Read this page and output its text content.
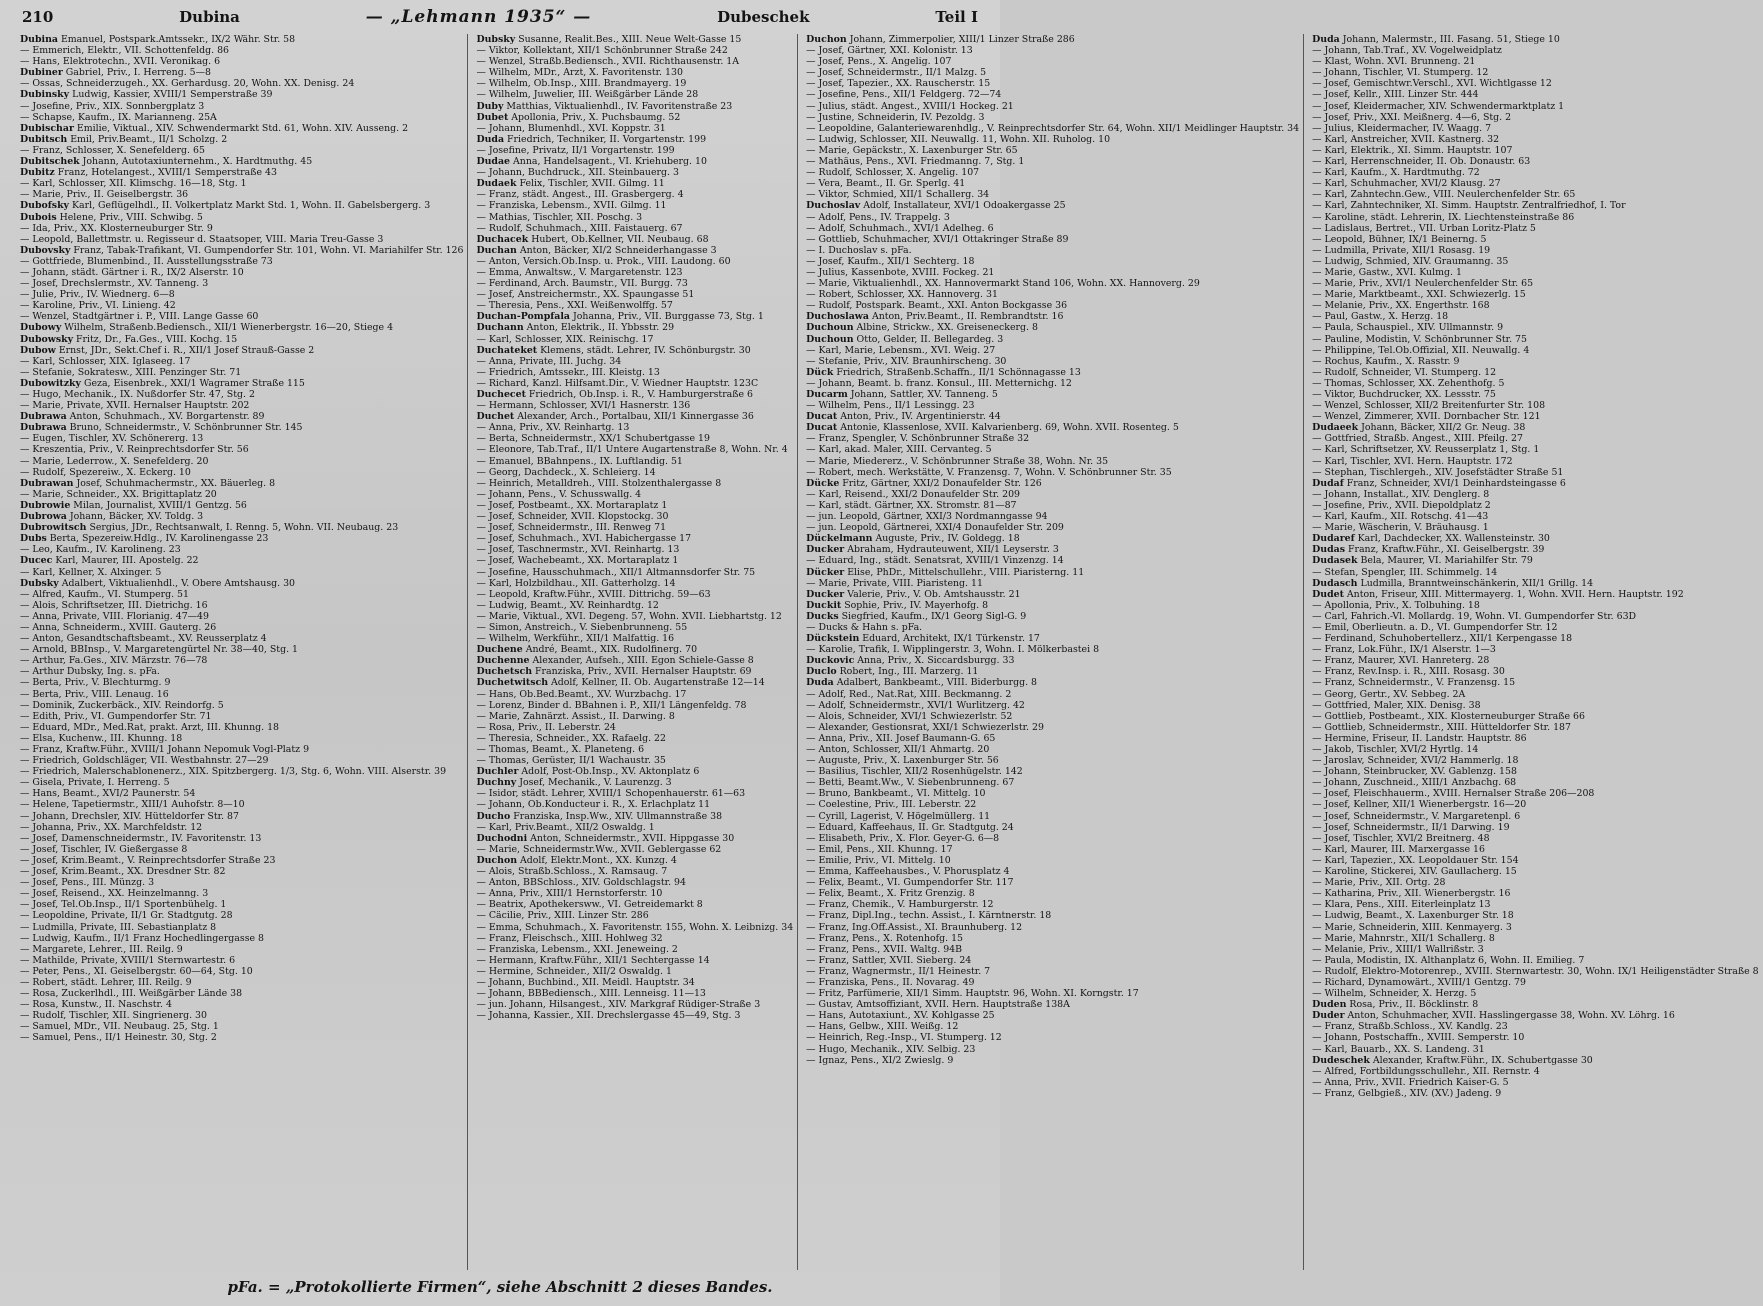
210	Dubina	— „Lehmann 1935“ —	Dubeschek	Teil I
Dubina Emanuel, Postspark.Amtssekr., IX/2 Währ. Str. 58
— Emmerich, Elektr., VII. Schottenfeldg. 86
— Hans, Elektrotechn., XVII. Veronikag. 6
Dubiner Gabriel, Priv., I. Herreng. 5—8
— Ossas, Schneiderzugeh., XX. Gerhardusg. 20, Wohn. XX. Denisg. 24
Dubinsky Ludwig, Kassier, XVIII/1 Semperstraße 39
— Josefine, Priv., XIX. Sonnbergplatz 3
— Schapse, Kaufm., IX. Marianneng. 25A
Dubischar Emilie, Viktual., XIV. Schwendermarkt Std. 61, Wohn. XIV. Ausseng. 2
Dubitsch Emil, Priv.Beamt., II/1 Scholzg. 2
— Franz, Schlosser, X. Senefelderg. 65
Dubitschek Johann, Autotaxiunternehm., X. Hardtmuthg. 45
Dubitz Franz, Hotelangest., XVIII/1 Semperstraße 43
— Karl, Schlosser, XII. Klimschg. 16—18, Stg. 1
— Marie, Priv., II. Geiselbergstr. 36
Dubofsky Karl, Geflügelhdl., II. Volkertplatz Markt Std. 1, Wohn. II. Gabelsbergerg. 3
Dubois Helene, Priv., VIII. Schwibg. 5
— Ida, Priv., XX. Klosterneuburger Str. 9
— Leopold, Ballettmstr. u. Regisseur d. Staatsoper, VIII. Maria Treu-Gasse 3
Dubovsky Franz, Tabak-Trafikant, VI. Gumpendorfer Str. 101, Wohn. VI. Mariahilfer Str. 126
— Gottfriede, Blumenbind., II. Ausstellungsstraße 73
— Johann, städt. Gärtner i. R., IX/2 Alserstr. 10
— Josef, Drechslermstr., XV. Tanneng. 3
— Julie, Priv., IV. Wiednerg. 6—8
— Karoline, Priv., VI. Linieng. 42
— Wenzel, Stadtgärtner i. P., VIII. Lange Gasse 60
Dubowy Wilhelm, Straßenb.Bediensch., XII/1 Wienerbergstr. 16—20, Stiege 4
Dubowsky Fritz, Dr., Fa.Ges., VIII. Kochg. 15
Dubow Ernst, JDr., Sekt.Chef i. R., XII/1 Josef Strauß-Gasse 2
— Karl, Schlosser, XIX. Iglaseeg. 17
— Stefanie, Sokratesw., XIII. Penzinger Str. 71
Dubowitzky Geza, Eisenbrek., XXI/1 Wagramer Straße 115
— Hugo, Mechanik., IX. Nußdorfer Str. 47, Stg. 2
— Marie, Private, XVII. Hernalser Hauptstr. 202
Dubrawa Anton, Schuhmach., XV. Borgartenstr. 89
Dubrawa Bruno, Schneidermstr., V. Schönbrunner Str. 145
— Eugen, Tischler, XV. Schönererg. 13
— Kreszentia, Priv., V. Reinprechtsdorfer Str. 56
— Marie, Lederrow., X. Senefelderg. 20
— Rudolf, Spezereiw., X. Eckerg. 10
Dubrawan Josef, Schuhmachermstr., XX. Bäuerleg. 8
— Marie, Schneider., XX. Brigittaplatz 20
Dubrowie Milan, Journalist, XVIII/1 Gentzg. 56
Dubrowa Johann, Bäcker, XV. Toldg. 3
Dubrowitsch Sergius, JDr., Rechtsanwalt, I. Renng. 5, Wohn. VII. Neubaug. 23
Dubs Berta, Spezereiw.Hdlg., IV. Karolinengasse 23
— Leo, Kaufm., IV. Karolineng. 23
Ducec Karl, Maurer, III. Apostelg. 22
— Karl, Kellner, X. Alxinger. 5
Dubsky Adalbert, Viktualienhdl., V. Obere Amtshausg. 30
— Alfred, Kaufm., VI. Stumperg. 51
— Alois, Schriftsetzer, III. Dietrichg. 16
— Anna, Private, VIII. Florianig. 47—49
— Anna, Schneiderm., XVIII. Gauterg. 26
— Anton, Gesandtschaftsbeamt., XV. Reusserplatz 4
— Arnold, BBInsp., V. Margaretengürtel Nr. 38—40, Stg. 1
— Arthur, Fa.Ges., XIV. Märzstr. 76—78
— Arthur Dubsky, Ing. s. pFa.
— Berta, Priv., V. Blechturmg. 9
— Berta, Priv., VIII. Lenaug. 16
— Dominik, Zuckerbäck., XIV. Reindorfg. 5
— Edith, Priv., VI. Gumpendorfer Str. 71
— Eduard, MDr., Med.Rat, prakt. Arzt, III. Khunng. 18
— Elsa, Kuchenw., III. Khunng. 18
— Franz, Kraftw.Führ., XVIII/1 Johann Nepomuk Vogl-Platz 9
— Friedrich, Goldschläger, VII. Westbahnstr. 27—29
— Friedrich, Malerschablonenerz., XIX. Spitzbergerg. 1/3, Stg. 6, Wohn. VIII. Alserstr. 39
— Gisela, Private, I. Herreng. 5
— Hans, Beamt., XVI/2 Paunerstr. 54
— Helene, Tapetiermstr., XIII/1 Auhofstr. 8—10
— Johann, Drechsler, XIV. Hütteldorfer Str. 87
— Johanna, Priv., XX. Marchfeldstr. 12
— Josef, Damenschneidermstr., IV. Favoritenstr. 13
— Josef, Tischler, IV. Gießergasse 8
— Josef, Krim.Beamt., V. Reinprechtsdorfer Straße 23
— Josef, Krim.Beamt., XX. Dresdner Str. 82
— Josef, Pens., III. Münzg. 3
— Josef, Reisend., XX. Heinzelmanng. 3
— Josef, Tel.Ob.Insp., II/1 Sportenbühelg. 1
— Leopoldine, Private, II/1 Gr. Stadtgutg. 28
— Ludmilla, Private, III. Sebastianplatz 8
— Ludwig, Kaufm., II/1 Franz Hochedlingergasse 8
— Margarete, Lehrer., III. Reilg. 9
— Mathilde, Private, XVIII/1 Sternwartestr. 6
— Peter, Pens., XI. Geiselbergstr. 60—64, Stg. 10
— Robert, städt. Lehrer, III. Reilg. 9
— Rosa, Zuckerlhdl., III. Weißgärber Lände 38
— Rosa, Kunstw., II. Naschstr. 4
— Rudolf, Tischler, XII. Singrienerg. 30
— Samuel, MDr., VII. Neubaug. 25, Stg. 1
— Samuel, Pens., II/1 Heinestr. 30, Stg. 2
Dubsky Susanne, Realit.Bes., XIII. Neue Welt-Gasse 15
— Viktor, Kollektant, XII/1 Schönbrunner Straße 242
— Wenzel, Straßb.Bediensch., XVII. Richthausenstr. 1A
— Wilhelm, MDr., Arzt, X. Favoritenstr. 130
— Wilhelm, Ob.Insp., XIII. Brandmayerg. 19
— Wilhelm, Juwelier, III. Weißgärber Lände 28
Duby Matthias, Viktualienhdl., IV. Favoritenstraße 23
Dubet Apollonia, Priv., X. Puchsbaumg. 52
— Johann, Blumenhdl., XVI. Koppstr. 31
Duda Friedrich, Techniker, II. Vorgartenstr. 199
— Josefine, Privatz, II/1 Vorgartenstr. 199
Dudae Anna, Handelsagent., VI. Kriehuberg. 10
— Johann, Buchdruck., XII. Steinbauerg. 3
Dudaek Felix, Tischler, XVII. Gilmg. 11
— Franz, städt. Angest., III. Grasbergerg. 4
— Franziska, Lebensm., XVII. Gilmg. 11
— Mathias, Tischler, XII. Poschg. 3
— Rudolf, Schuhmach., XIII. Faistauerg. 67
Duchacek Hubert, Ob.Kellner, VII. Neubaug. 68
Duchan Anton, Bäcker, XI/2 Schneiderhangasse 3
— Anton, Versich.Ob.Insp. u. Prok., VIII. Laudong. 60
— Emma, Anwaltsw., V. Margaretenstr. 123
— Ferdinand, Arch. Baumstr., VII. Burgg. 73
— Josef, Anstreichermstr., XX. Spaungasse 51
— Theresia, Pens., XXI. Weißenwolffg. 57
Duchan-Pompfala Johanna, Priv., VII. Burggasse 73, Stg. 1
Duchann Anton, Elektrik., II. Ybbsstr. 29
— Karl, Schlosser, XIX. Reinischg. 17
Duchateket Klemens, städt. Lehrer, IV. Schönburgstr. 30
— Anna, Private, III. Juchg. 34
— Friedrich, Amtssekr., III. Kleistg. 13
— Richard, Kanzl. Hilfsamt.Dir., V. Wiedner Hauptstr. 123C
Duchecet Friedrich, Ob.Insp. i. R., V. Hamburgerstraße 6
— Hermann, Schlosser, XVI/1 Hasnerstr. 136
Duchet Alexander, Arch., Portalbau, XII/1 Kinnergasse 36
— Anna, Priv., XV. Reinhartg. 13
— Berta, Schneidermstr., XX/1 Schubertgasse 19
— Eleonore, Tab.Traf., II/1 Untere Augartenstraße 8, Wohn. Nr. 4
— Emanuel, BBahnpens., IX. Luftlandig. 51
— Georg, Dachdeck., X. Schleierg. 14
— Heinrich, Metalldreh., VIII. Stolzenthalergasse 8
— Johann, Pens., V. Schusswallg. 4
— Josef, Postbeamt., XX. Mortaraplatz 1
— Josef, Schneider, XVII. Klopstockg. 30
— Josef, Schneidermstr., III. Renweg 71
— Josef, Schuhmach., XVI. Habichergasse 17
— Josef, Taschnermstr., XVI. Reinhartg. 13
— Josef, Wachebeamt., XX. Mortaraplatz 1
— Josefine, Hausschuhmach., XII/1 Altmannsdorfer Str. 75
— Karl, Holzbildhau., XII. Gatterholzg. 14
— Leopold, Kraftw.Führ., XVIII. Dittrichg. 59—63
— Ludwig, Beamt., XV. Reinhardtg. 12
— Marie, Viktual., XVI. Degeng. 57, Wohn. XVII. Liebhartstg. 12
— Simon, Anstreich., V. Siebenbrunneng. 55
— Wilhelm, Werkführ., XII/1 Malfattig. 16
Duchene André, Beamt., XIX. Rudolfinerg. 70
Duchenne Alexander, Aufseh., XIII. Egon Schiele-Gasse 8
Duchetsch Franziska, Priv., XVII. Hernalser Hauptstr. 69
Duchetwitsch Adolf, Kellner, II. Ob. Augartenstraße 12—14
— Hans, Ob.Bed.Beamt., XV. Wurzbachg. 17
— Lorenz, Binder d. BBahnen i. P., XII/1 Längenfeldg. 78
— Marie, Zahnärzt. Assist., II. Darwing. 8
— Rosa, Priv., II. Leberstr. 24
— Theresia, Schneider., XX. Rafaelg. 22
— Thomas, Beamt., X. Planeteng. 6
— Thomas, Gerüster, II/1 Wachaustr. 35
Duchler Adolf, Post-Ob.Insp., XV. Aktonplatz 6
Duchny Josef, Mechanik., V. Laurenzg. 3
— Isidor, städt. Lehrer, XVIII/1 Schopenhauerstr. 61—63
— Johann, Ob.Konducteur i. R., X. Erlachplatz 11
Ducho Franziska, Insp.Ww., XIV. Ullmannstraße 38
— Karl, Priv.Beamt., XII/2 Oswaldg. 1
Duchodni Anton, Schneidermstr., XVII. Hippgasse 30
— Marie, Schneidermstr.Ww., XVII. Geblergasse 62
Duchon Adolf, Elektr.Mont., XX. Kunzg. 4
— Alois, Straßb.Schloss., X. Ramsaug. 7
— Anton, BBSchloss., XIV. Goldschlagstr. 94
— Anna, Priv., XIII/1 Hernstorferstr. 10
— Beatrix, Apothekersww., VI. Getreidemarkt 8
— Cäcilie, Priv., XIII. Linzer Str. 286
— Emma, Schuhmach., X. Favoritenstr. 155, Wohn. X. Leibnizg. 34
— Franz, Fleischsch., XIII. Hohlweg 32
— Franziska, Lebensm., XXI. Jeneweing. 2
— Hermann, Kraftw.Führ., XII/1 Sechtergasse 14
— Hermine, Schneider., XII/2 Oswaldg. 1
— Johann, Buchbind., XII. Meidl. Hauptstr. 34
— Johann, BBBediensch., XIII. Lenneisg. 11—13
— jun. Johann, Hilsangest., XIV. Markgraf Rüdiger-Straße 3
— Johanna, Kassier., XII. Drechslergasse 45—49, Stg. 3
Duchon Johann, Zimmerpolier, XIII/1 Linzer Straße 286
— Josef, Gärtner, XXI. Kolonistr. 13
— Josef, Pens., X. Angelig. 107
— Josef, Schneidermstr., II/1 Malzg. 5
— Josef, Tapezier., XX. Rauscherstr. 15
— Josefine, Pens., XII/1 Feldgerg. 72—74
— Julius, städt. Angest., XVIII/1 Hockeg. 21
— Justine, Schneiderin, IV. Pezoldg. 3
— Leopoldine, Galanteriewarenhdlg., V. Reinprechtsdorfer Str. 64, Wohn. XII/1 Meidlinger Hauptstr. 34
— Ludwig, Schlosser, XII. Neuwallg. 11, Wohn. XII. Ruholog. 10
— Marie, Gepäckstr., X. Laxenburger Str. 65
— Mathäus, Pens., XVI. Friedmanng. 7, Stg. 1
— Rudolf, Schlosser, X. Angelig. 107
— Vera, Beamt., II. Gr. Sperlg. 41
— Viktor, Schmied, XII/1 Schallerg. 34
Duchoslav Adolf, Installateur, XVI/1 Odoakergasse 25
— Adolf, Pens., IV. Trappelg. 3
— Adolf, Schuhmach., XVI/1 Adelheg. 6
— Gottlieb, Schuhmacher, XVI/1 Ottakringer Straße 89
— I. Duchoslav s. pFa.
— Josef, Kaufm., XII/1 Sechterg. 18
— Julius, Kassenbote, XVIII. Fockeg. 21
— Marie, Viktualienhdl., XX. Hannovermarkt Stand 106, Wohn. XX. Hannoverg. 29
— Robert, Schlosser, XX. Hannoverg. 31
— Rudolf, Postspark. Beamt., XXI. Anton Bockgasse 36
Duchoslawa Anton, Priv.Beamt., II. Rembrandtstr. 16
Duchoun Albine, Strickw., XX. Greiseneckerg. 8
Duchoun Otto, Gelder, II. Bellegardeg. 3
— Karl, Marie, Lebensm., XVI. Weig. 27
— Stefanie, Priv., XIV. Braunhirscheng. 30
Dück Friedrich, Straßenb.Schaffn., II/1 Schönnagasse 13
— Johann, Beamt. b. franz. Konsul., III. Metternichg. 12
Ducarm Johann, Sattler, XV. Tanneng. 5
— Wilhelm, Pens., II/1 Lessingg. 23
Ducat Anton, Priv., IV. Argentinierstr. 44
Ducat Antonie, Klassenlose, XVII. Kalvarienberg. 69, Wohn. XVII. Rosenteg. 5
— Franz, Spengler, V. Schönbrunner Straße 32
— Karl, akad. Maler, XIII. Cervanteg. 5
— Marie, Miedererz., V. Schönbrunner Straße 38, Wohn. Nr. 35
— Robert, mech. Werkstätte, V. Franzensg. 7, Wohn. V. Schönbrunner Str. 35
Dücke Fritz, Gärtner, XXI/2 Donaufelder Str. 126
— Karl, Reisend., XXI/2 Donaufelder Str. 209
— Karl, städt. Gärtner, XX. Stromstr. 81—87
— jun. Leopold, Gärtner, XXI/3 Nordmanngasse 94
— jun. Leopold, Gärtnerei, XXI/4 Donaufelder Str. 209
Dückelmann Auguste, Priv., IV. Goldegg. 18
Ducker Abraham, Hydrauteuwent, XII/1 Leyserstr. 3
— Eduard, Ing., städt. Senatsrat, XVIII/1 Vinzenzg. 14
Dücker Elise, PhDr., Mittelschullehr., VIII. Piaristerng. 11
— Marie, Private, VIII. Piaristeng. 11
Ducker Valerie, Priv., V. Ob. Amtshausstr. 21
Duckit Sophie, Priv., IV. Mayerhofg. 8
Ducks Siegfried, Kaufm., IX/1 Georg Sigl-G. 9
— Ducks & Hahn s. pFa.
Dückstein Eduard, Architekt, IX/1 Türkenstr. 17
— Karolie, Trafik, I. Wipplingerstr. 3, Wohn. I. Mölkerbastei 8
Duckovic Anna, Priv., X. Siccardsburgg. 33
Duclo Robert, Ing., III. Marzerg. 11
Duda Adalbert, Bankbeamt., VIII. Biderburgg. 8
— Adolf, Red., Nat.Rat, XIII. Beckmanng. 2
— Adolf, Schneidermstr., XVI/1 Wurlitzerg. 42
— Alois, Schneider, XVI/1 Schwiezerlstr. 52
— Alexander, Gestionsrat, XXI/1 Schwiezerlstr. 29
— Anna, Priv., XII. Josef Baumann-G. 65
— Anton, Schlosser, XII/1 Ahmartg. 20
— Auguste, Priv., X. Laxenburger Str. 56
— Basilius, Tischler, XII/2 Rosenhügelstr. 142
— Betti, Beamt.Ww., V. Siebenbrunneng. 67
— Bruno, Bankbeamt., VI. Mittelg. 10
— Coelestine, Priv., III. Leberstr. 22
— Cyrill, Lagerist, V. Högelmüllerg. 11
— Eduard, Kaffeehaus, II. Gr. Stadtgutg. 24
— Elisabeth, Priv., X. Flor. Geyer-G. 6—8
— Emil, Pens., XII. Khunng. 17
— Emilie, Priv., VI. Mittelg. 10
— Emma, Kaffeehausbes., V. Phorusplatz 4
— Felix, Beamt., VI. Gumpendorfer Str. 117
— Felix, Beamt., X. Fritz Grenzig. 8
— Franz, Chemik., V. Hamburgerstr. 12
— Franz, Dipl.Ing., techn. Assist., I. Kärntnerstr. 18
— Franz, Ing.Off.Assist., XI. Braunhuberg. 12
— Franz, Pens., X. Rotenhofg. 15
— Franz, Pens., XVII. Waltg. 94B
— Franz, Sattler, XVII. Sieberg. 24
— Franz, Wagnermstr., II/1 Heinestr. 7
— Franziska, Pens., II. Novarag. 49
— Fritz, Parfümerie, XII/1 Simm. Hauptstr. 96, Wohn. XI. Korngstr. 17
— Gustav, Amtsoffiziant, XVII. Hern. Hauptstraße 138A
— Hans, Autotaxiunt., XV. Kohlgasse 25
— Hans, Gelbw., XIII. Weißg. 12
— Heinrich, Reg.-Insp., VI. Stumperg. 12
— Hugo, Mechanik., XIV. Selbig. 23
— Ignaz, Pens., XI/2 Zwieslg. 9
Duda Johann, Malermstr., III. Fasang. 51, Stiege 10
— Johann, Tab.Traf., XV. Vogelweidplatz
— Klast, Wohn. XVI. Brunneng. 21
— Johann, Tischler, VI. Stumperg. 12
— Josef, Gemischtwr.Verschl., XVI. Wichtlgasse 12
— Josef, Kellr., XIII. Linzer Str. 444
— Josef, Kleidermacher, XIV. Schwendermarktplatz 1
— Josef, Priv., XXI. Meißnerg. 4—6, Stg. 2
— Julius, Kleidermacher, IV. Waagg. 7
— Karl, Anstreicher, XVII. Kastnerg. 32
— Karl, Elektrik., XI. Simm. Hauptstr. 107
— Karl, Herrenschneider, II. Ob. Donaustr. 63
— Karl, Kaufm., X. Hardtmuthg. 72
— Karl, Schuhmacher, XVI/2 Klausg. 27
— Karl, Zahntechn.Gew., VIII. Neulerchenfelder Str. 65
— Karl, Zahntechniker, XI. Simm. Hauptstr. Zentralfriedhof, I. Tor
— Karoline, städt. Lehrerin, IX. Liechtensteinstraße 86
— Ladislaus, Bertret., VII. Urban Loritz-Platz 5
— Leopold, Bühner, IX/1 Beinerng. 5
— Ludmilla, Private, XII/1 Rosasg. 19
— Ludwig, Schmied, XIV. Graumanng. 35
— Marie, Gastw., XVI. Kulmg. 1
— Marie, Priv., XVI/1 Neulerchenfelder Str. 65
— Marie, Marktbeamt., XXI. Schwiezerlg. 15
— Melanie, Priv., XX. Engerthstr. 168
— Paul, Gastw., X. Herzg. 18
— Paula, Schauspiel., XIV. Ullmannstr. 9
— Pauline, Modistin, V. Schönbrunner Str. 75
— Philippine, Tel.Ob.Offizial, XII. Neuwallg. 4
— Rochus, Kaufm., X. Rasstr. 9
— Rudolf, Schneider, VI. Stumperg. 12
— Thomas, Schlosser, XX. Zehenthofg. 5
— Viktor, Buchdrucker, XX. Lessstr. 75
— Wenzel, Schlosser, XII/2 Breitenfurter Str. 108
— Wenzel, Zimmerer, XVII. Dornbacher Str. 121
Dudaeek Johann, Bäcker, XII/2 Gr. Neug. 38
— Gottfried, Straßb. Angest., XIII. Pfeilg. 27
— Karl, Schriftsetzer, XV. Reusserplatz 1, Stg. 1
— Karl, Tischler, XVI. Hern. Hauptstr. 172
— Stephan, Tischlergeh., XIV. Josefstädter Straße 51
Dudaf Franz, Schneider, XVI/1 Deinhardsteingasse 6
— Johann, Installat., XIV. Denglerg. 8
— Josefine, Priv., XVII. Diepoldplatz 2
— Karl, Kaufm., XII. Rotschg. 41—43
— Marie, Wäscherin, V. Bräuhausg. 1
Dudaref Karl, Dachdecker, XX. Wallensteinstr. 30
Dudas Franz, Kraftw.Führ., XI. Geiselbergstr. 39
Dudasek Bela, Maurer, VI. Mariahilfer Str. 79
— Stefan, Spengler, III. Schimmelg. 14
Dudasch Ludmilla, Branntweinschänkerin, XII/1 Grillg. 14
Dudet Anton, Friseur, XIII. Mittermayerg. 1, Wohn. XVII. Hern. Hauptstr. 192
— Apollonia, Priv., X. Tolbuhing. 18
— Carl, Fahrich.-Vl. Mollardg. 19, Wohn. VI. Gumpendorfer Str. 63D
— Emil, Oberlieutn. a. D., VI. Gumpendorfer Str. 12
— Ferdinand, Schuhobertellerz., XII/1 Kerpengasse 18
— Franz, Lok.Führ., IX/1 Alserstr. 1—3
— Franz, Maurer, XVI. Hanreterg. 28
— Franz, Rev.Insp. i. R., XIII. Rosasg. 30
— Franz, Schneidermstr., V. Franzensg. 15
— Georg, Gertr., XV. Sebbeg. 2A
— Gottfried, Maler, XIX. Denisg. 38
— Gottlieb, Postbeamt., XIX. Klosterneuburger Straße 66
— Gottlieb, Schneidermstr., XIII. Hütteldorfer Str. 187
— Hermine, Friseur, II. Landstr. Hauptstr. 86
— Jakob, Tischler, XVI/2 Hyrtlg. 14
— Jaroslav, Schneider, XVI/2 Hammerlg. 18
— Johann, Steinbrucker, XV. Gablenzg. 158
— Johann, Zuschneid., XIII/1 Anzbachg. 68
— Josef, Fleischhauerm., XVIII. Hernalser Straße 206—208
— Josef, Kellner, XII/1 Wienerbergstr. 16—20
— Josef, Schneidermstr., V. Margaretenpl. 6
— Josef, Schneidermstr., II/1 Darwing. 19
— Josef, Tischler, XVI/2 Breitnerg. 48
— Karl, Maurer, III. Marxergasse 16
— Karl, Tapezier., XX. Leopoldauer Str. 154
— Karoline, Stickerei, XIV. Gaullacherg. 15
— Marie, Priv., XII. Ortg. 28
— Katharina, Priv., XII. Wienerbergstr. 16
— Klara, Pens., XIII. Eiterleinplatz 13
— Ludwig, Beamt., X. Laxenburger Str. 18
— Marie, Schneiderin, XIII. Kenmayerg. 3
— Marie, Mahnrstr., XII/1 Schallerg. 8
— Melanie, Priv., XIII/1 Wallrißstr. 3
— Paula, Modistin, IX. Althanplatz 6, Wohn. II. Emilieg. 7
— Rudolf, Elektro-Motorenrep., XVIII. Sternwartestr. 30, Wohn. IX/1 Heiligenstädter Straße 8
— Richard, Dynamowärt., XVIII/1 Gentzg. 79
— Wilhelm, Schneider, X. Herzg. 5
Duden Rosa, Priv., II. Böcklinstr. 8
Duder Anton, Schuhmacher, XVII. Hasslingergasse 38, Wohn. XV. Löhrg. 16
— Franz, Straßb.Schloss., XV. Kandlg. 23
— Johann, Postschaffn., XVIII. Semperstr. 10
— Karl, Bauarb., XX. S. Landeng. 31
Dudeschek Alexander, Kraftw.Führ., IX. Schubertgasse 30
— Alfred, Fortbildungsschullehr., XII. Rernstr. 4
— Anna, Priv., XVII. Friedrich Kaiser-G. 5
— Franz, Gelbgieß., XIV. (XV.) Jadeng. 9
pFa. = „Protokollierte Firmen“, siehe Abschnitt 2 dieses Bandes.
